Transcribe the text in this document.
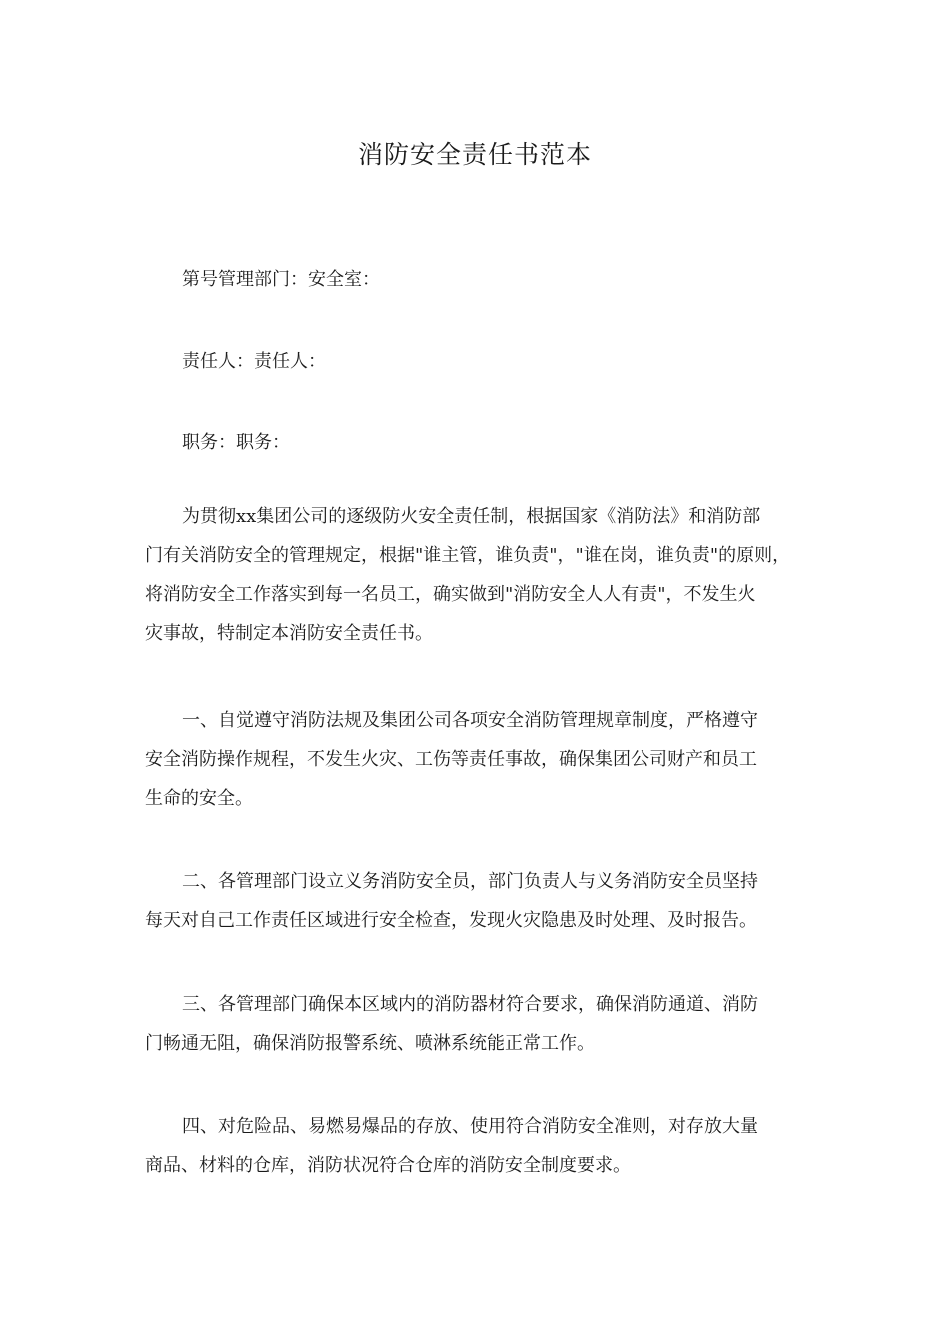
消防安全责任书范本
第号管理部门：安全室：
责任人：责任人：
职务：职务：
为贯彻xx集团公司的逐级防火安全责任制，根据国家《消防法》和消防部
门有关消防安全的管理规定，根据"谁主管，谁负责"，"谁在岗，谁负责"的原则，
将消防安全工作落实到每一名员工，确实做到"消防安全人人有责"，不发生火
灾事故，特制定本消防安全责任书。
一、自觉遵守消防法规及集团公司各项安全消防管理规章制度，严格遵守
安全消防操作规程，不发生火灾、工伤等责任事故，确保集团公司财产和员工
生命的安全。
二、各管理部门设立义务消防安全员，部门负责人与义务消防安全员坚持
每天对自己工作责任区域进行安全检查，发现火灾隐患及时处理、及时报告。
三、各管理部门确保本区域内的消防器材符合要求，确保消防通道、消防
门畅通无阻，确保消防报警系统、喷淋系统能正常工作。
四、对危险品、易燃易爆品的存放、使用符合消防安全准则，对存放大量
商品、材料的仓库，消防状况符合仓库的消防安全制度要求。
